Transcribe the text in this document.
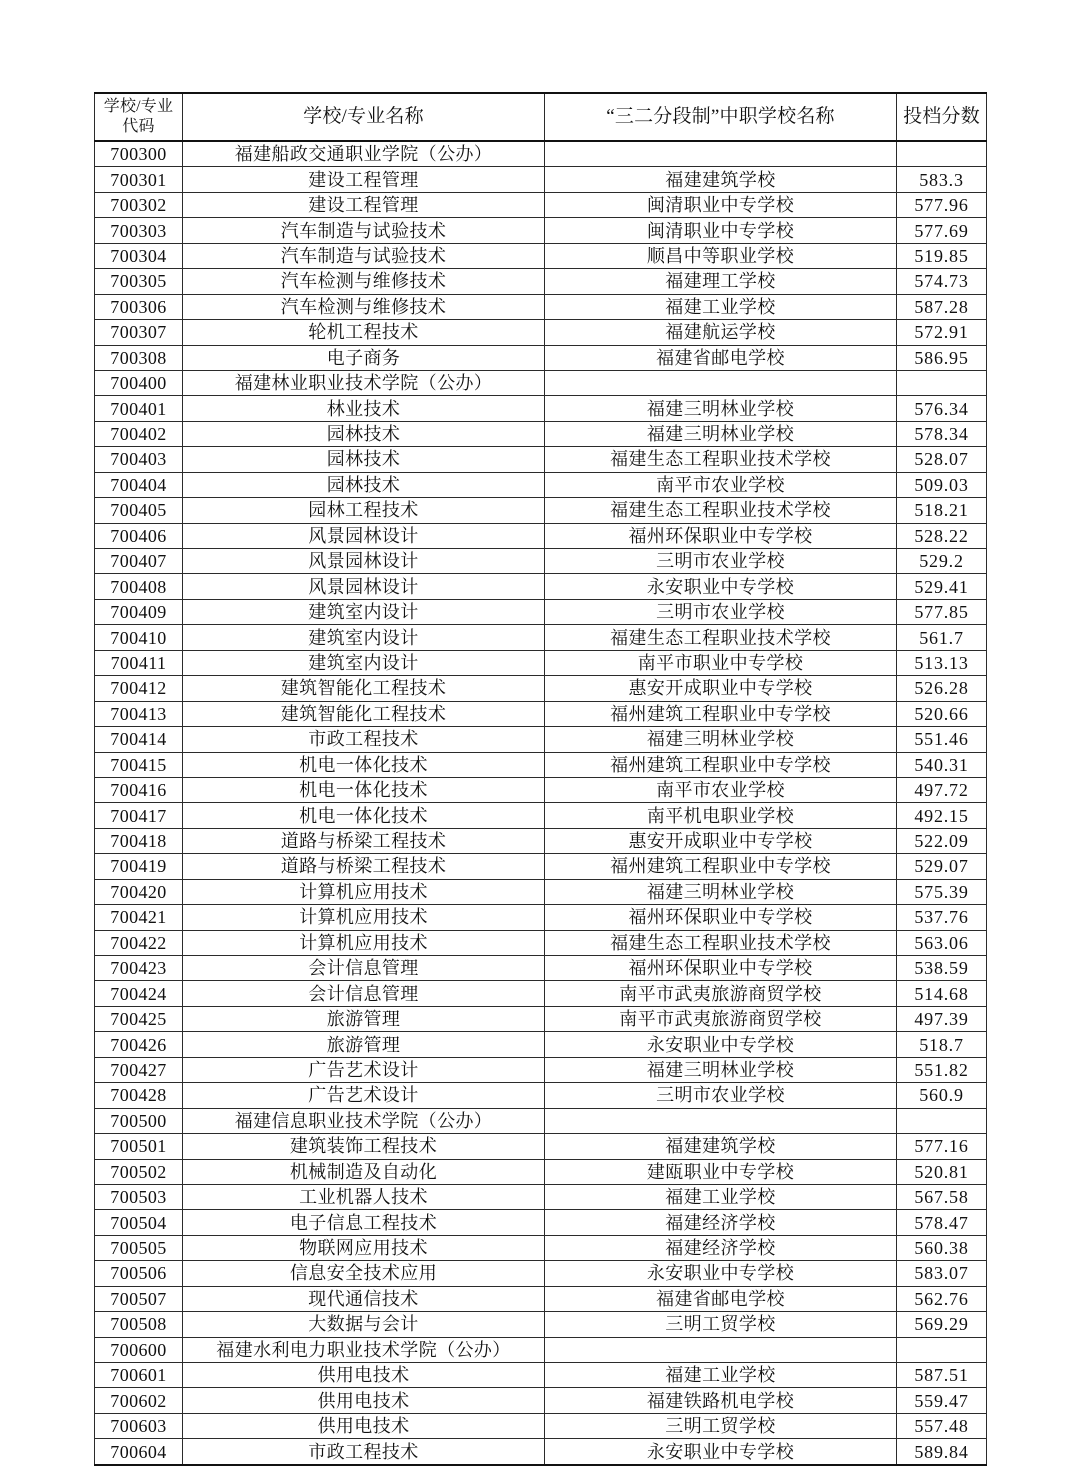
学校/专业
代码	学校/专业名称	“三二分段制”中职学校名称	投档分数
700300	福建船政交通职业学院（公办）		
700301	建设工程管理	福建建筑学校	583.3
700302	建设工程管理	闽清职业中专学校	577.96
700303	汽车制造与试验技术	闽清职业中专学校	577.69
700304	汽车制造与试验技术	顺昌中等职业学校	519.85
700305	汽车检测与维修技术	福建理工学校	574.73
700306	汽车检测与维修技术	福建工业学校	587.28
700307	轮机工程技术	福建航运学校	572.91
700308	电子商务	福建省邮电学校	586.95
700400	福建林业职业技术学院（公办）		
700401	林业技术	福建三明林业学校	576.34
700402	园林技术	福建三明林业学校	578.34
700403	园林技术	福建生态工程职业技术学校	528.07
700404	园林技术	南平市农业学校	509.03
700405	园林工程技术	福建生态工程职业技术学校	518.21
700406	风景园林设计	福州环保职业中专学校	528.22
700407	风景园林设计	三明市农业学校	529.2
700408	风景园林设计	永安职业中专学校	529.41
700409	建筑室内设计	三明市农业学校	577.85
700410	建筑室内设计	福建生态工程职业技术学校	561.7
700411	建筑室内设计	南平市职业中专学校	513.13
700412	建筑智能化工程技术	惠安开成职业中专学校	526.28
700413	建筑智能化工程技术	福州建筑工程职业中专学校	520.66
700414	市政工程技术	福建三明林业学校	551.46
700415	机电一体化技术	福州建筑工程职业中专学校	540.31
700416	机电一体化技术	南平市农业学校	497.72
700417	机电一体化技术	南平机电职业学校	492.15
700418	道路与桥梁工程技术	惠安开成职业中专学校	522.09
700419	道路与桥梁工程技术	福州建筑工程职业中专学校	529.07
700420	计算机应用技术	福建三明林业学校	575.39
700421	计算机应用技术	福州环保职业中专学校	537.76
700422	计算机应用技术	福建生态工程职业技术学校	563.06
700423	会计信息管理	福州环保职业中专学校	538.59
700424	会计信息管理	南平市武夷旅游商贸学校	514.68
700425	旅游管理	南平市武夷旅游商贸学校	497.39
700426	旅游管理	永安职业中专学校	518.7
700427	广告艺术设计	福建三明林业学校	551.82
700428	广告艺术设计	三明市农业学校	560.9
700500	福建信息职业技术学院（公办）		
700501	建筑装饰工程技术	福建建筑学校	577.16
700502	机械制造及自动化	建瓯职业中专学校	520.81
700503	工业机器人技术	福建工业学校	567.58
700504	电子信息工程技术	福建经济学校	578.47
700505	物联网应用技术	福建经济学校	560.38
700506	信息安全技术应用	永安职业中专学校	583.07
700507	现代通信技术	福建省邮电学校	562.76
700508	大数据与会计	三明工贸学校	569.29
700600	福建水利电力职业技术学院（公办）		
700601	供用电技术	福建工业学校	587.51
700602	供用电技术	福建铁路机电学校	559.47
700603	供用电技术	三明工贸学校	557.48
700604	市政工程技术	永安职业中专学校	589.84
